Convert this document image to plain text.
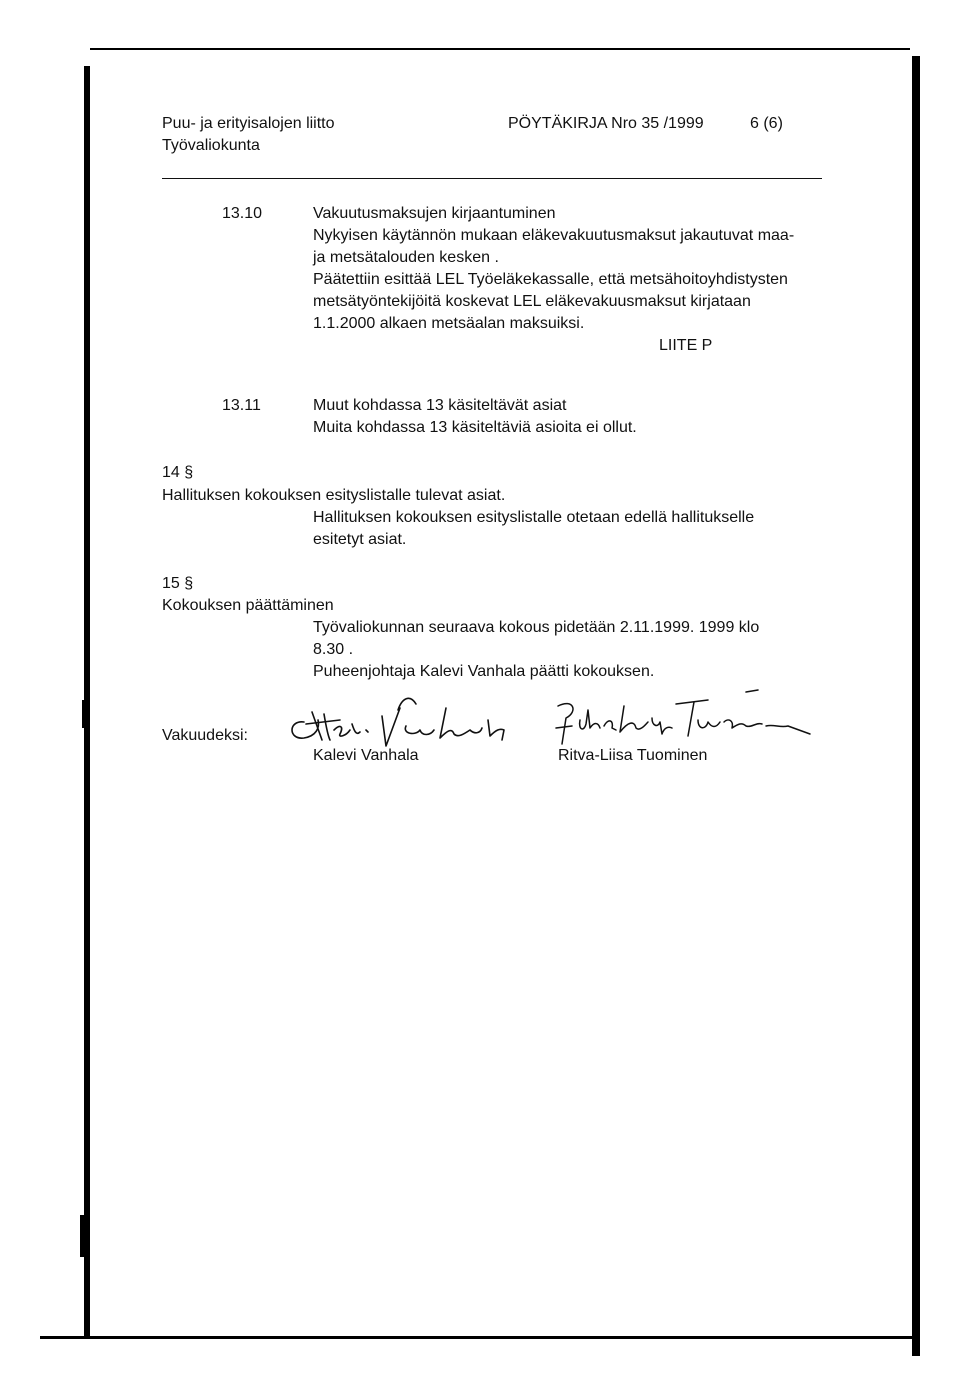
Puu- ja erityisalojen liitto
Työvaliokunta
PÖYTÄKIRJA Nro 35 /1999	6 (6)
13.10	Vakuutusmaksujen kirjaantuminen
Nykyisen käytännön mukaan eläkevakuutusmaksut jakautuvat maa-
ja metsätalouden kesken .
Päätettiin esittää LEL Työeläkekassalle, että metsähoitoyhdistysten
metsätyöntekijöitä koskevat LEL eläkevakuusmaksut kirjataan
1.1.2000 alkaen metsäalan maksuiksi.
LIITE P
13.11	Muut kohdassa 13 käsiteltävät asiat
Muita kohdassa 13 käsiteltäviä asioita ei ollut.
14 §
Hallituksen kokouksen esityslistalle tulevat asiat.
Hallituksen kokouksen esityslistalle otetaan edellä hallitukselle
esitetyt asiat.
15 §
Kokouksen päättäminen
Työvaliokunnan seuraava kokous pidetään 2.11.1999. 1999 klo
8.30 .
Puheenjohtaja Kalevi Vanhala päätti kokouksen.
Vakuudeksi:
Kalevi Vanhala	Ritva-Liisa Tuominen
